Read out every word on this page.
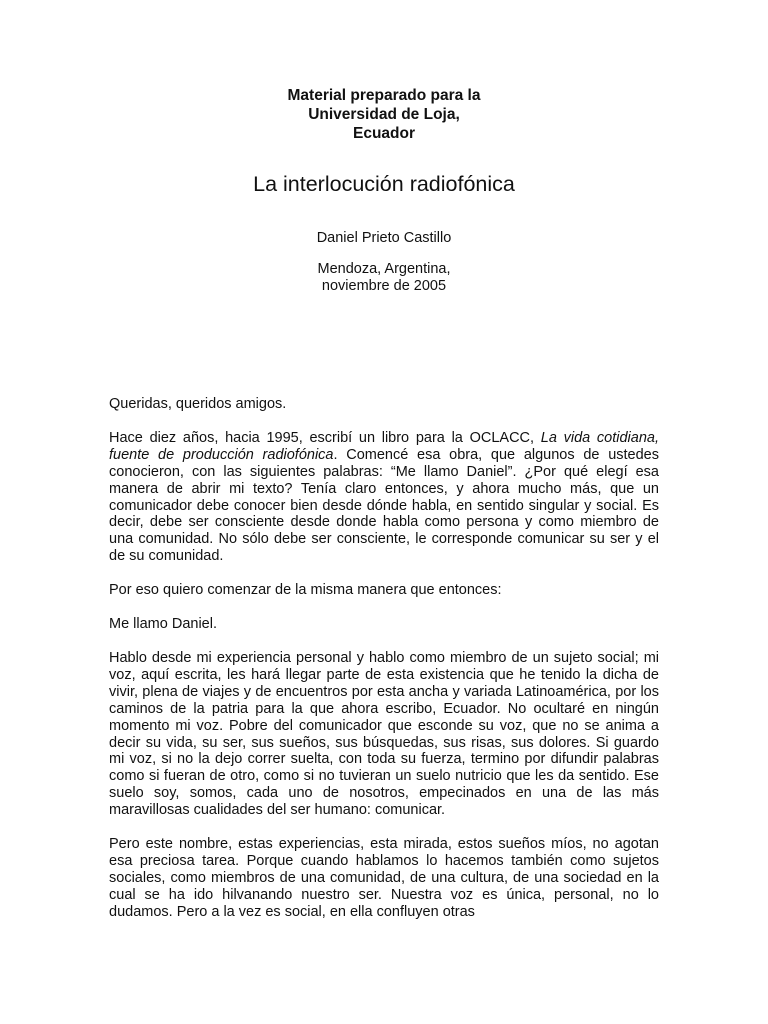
Material preparado para la
Universidad de Loja,
Ecuador
La interlocución radiofónica
Daniel Prieto Castillo
Mendoza, Argentina,
noviembre de 2005

Queridas, queridos amigos.

Hace diez años, hacia 1995, escribí un libro para la OCLACC, La vida cotidiana, fuente de producción radiofónica. Comencé esa obra, que algunos de ustedes conocieron, con las siguientes palabras: “Me llamo Daniel”. ¿Por qué elegí esa manera de abrir mi texto? Tenía claro entonces, y ahora mucho más, que un comunicador debe conocer bien desde dónde habla, en sentido singular y social. Es decir, debe ser consciente desde donde habla como persona y como miembro de una comunidad. No sólo debe ser consciente, le corresponde comunicar su ser y el de su comunidad.

Por eso quiero comenzar de la misma manera que entonces:

Me llamo Daniel.

Hablo desde mi experiencia personal y hablo como miembro de un sujeto social; mi voz, aquí escrita, les hará llegar parte de esta existencia que he tenido la dicha de vivir, plena de viajes y de encuentros por esta ancha y variada Latinoamérica, por los caminos de la patria para la que ahora escribo, Ecuador. No ocultaré en ningún momento mi voz. Pobre del comunicador que esconde su voz, que no se anima a decir su vida, su ser, sus sueños, sus búsquedas, sus risas, sus dolores. Si guardo mi voz, si no la dejo correr suelta, con toda su fuerza, termino por difundir palabras como si fueran de otro, como si no tuvieran un suelo nutricio que les da sentido. Ese suelo soy, somos, cada uno de nosotros, empecinados en una de las más maravillosas cualidades del ser humano: comunicar.

Pero este nombre, estas experiencias, esta mirada, estos sueños míos, no agotan esa preciosa tarea. Porque cuando hablamos lo hacemos también como sujetos sociales, como miembros de una comunidad, de una cultura, de una sociedad en la cual se ha ido hilvanando nuestro ser. Nuestra voz es única, personal, no lo dudamos. Pero a la vez es social, en ella confluyen otras
